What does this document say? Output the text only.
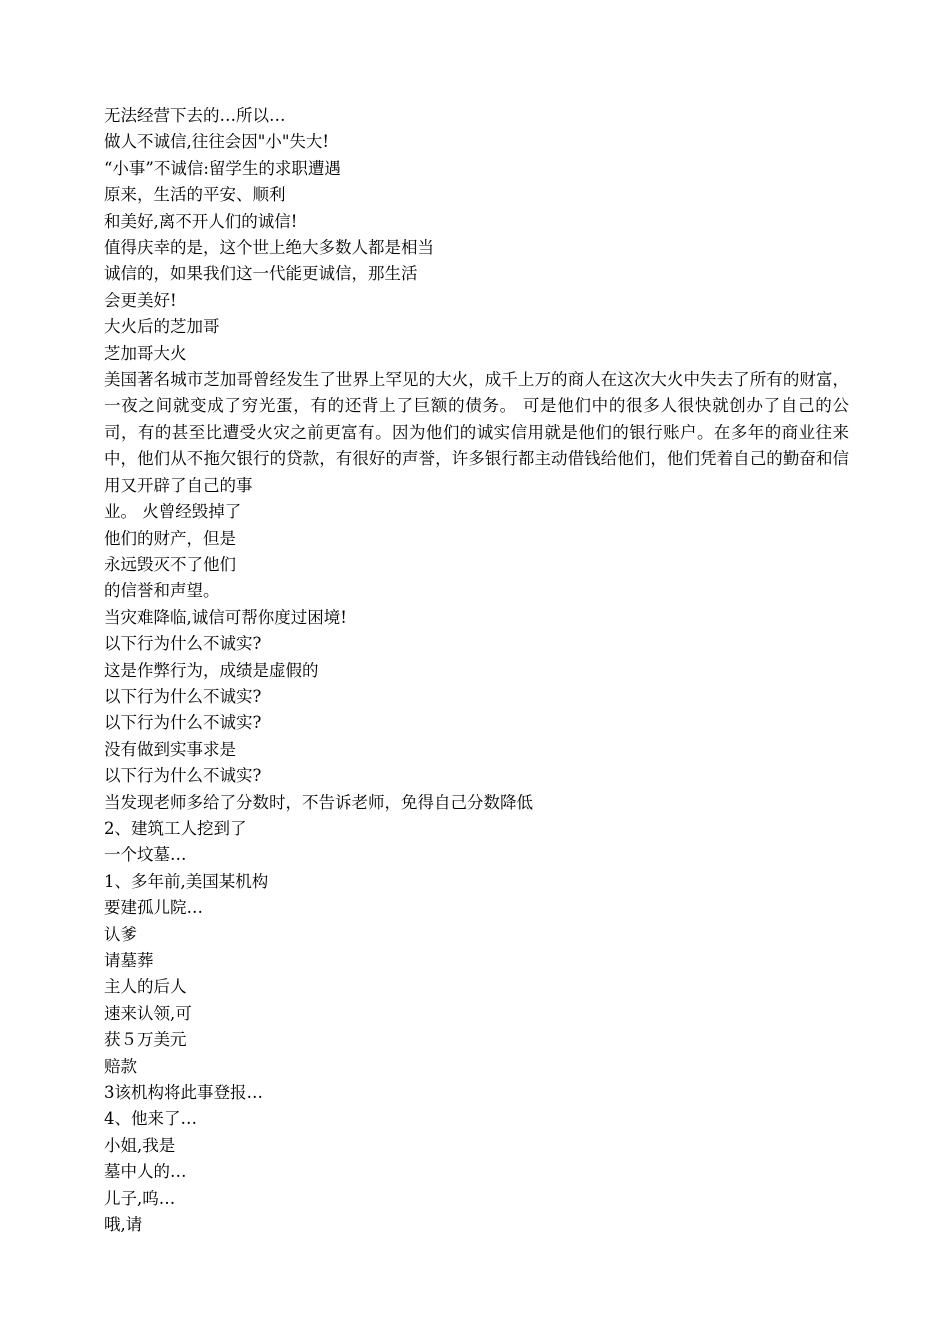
无法经营下去的…所以…
做人不诚信,往往会因"小"失大!
“小事”不诚信:留学生的求职遭遇
原来，生活的平安、顺利
和美好,离不开人们的诚信!
值得庆幸的是，这个世上绝大多数人都是相当
诚信的，如果我们这一代能更诚信，那生活
会更美好!
大火后的芝加哥
芝加哥大火

美国著名城市芝加哥曾经发生了世界上罕见的大火，成千上万的商人在这次大火中失去了所有的财富，一夜之间就变成了穷光蛋，有的还背上了巨额的债务。 可是他们中的很多人很快就创办了自己的公司，有的甚至比遭受火灾之前更富有。因为他们的诚实信用就是他们的银行账户。在多年的商业往来中，他们从不拖欠银行的贷款，有很好的声誉，许多银行都主动借钱给他们，他们凭着自己的勤奋和信用又开辟了自己的事

业。 火曾经毁掉了
他们的财产，但是
永远毁灭不了他们
的信誉和声望。
当灾难降临,诚信可帮你度过困境!
以下行为什么不诚实?
这是作弊行为，成绩是虚假的
以下行为什么不诚实?
以下行为什么不诚实?
没有做到实事求是
以下行为什么不诚实?
当发现老师多给了分数时，不告诉老师，免得自己分数降低
2、建筑工人挖到了
一个坟墓…
1、多年前,美国某机构
要建孤儿院…
认爹
请墓葬
主人的后人
速来认领,可
获５万美元
赔款
3该机构将此事登报…
4、他来了…
小姐,我是
墓中人的…
儿子,呜…
哦,请
